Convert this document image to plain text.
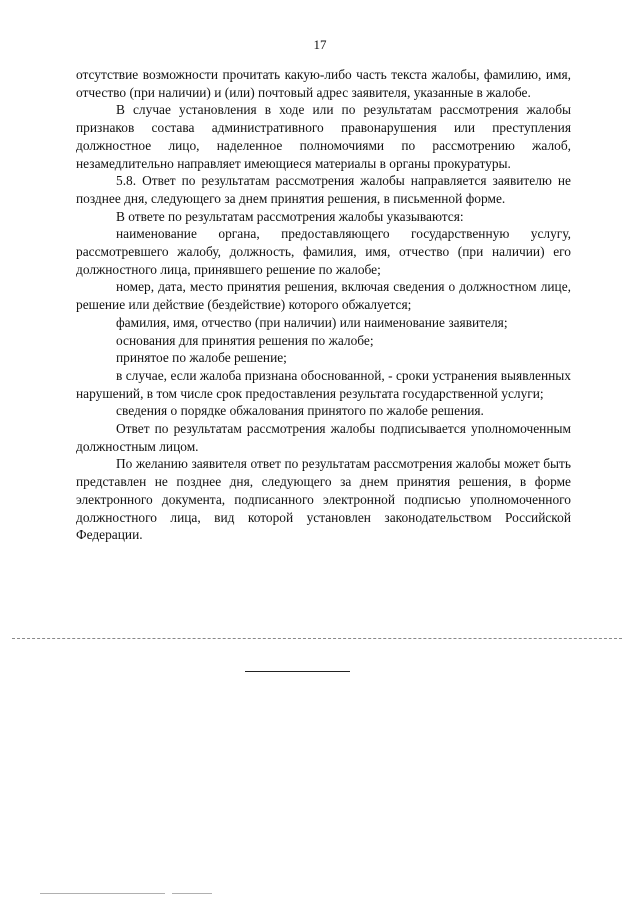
17

отсутствие возможности прочитать какую-либо часть текста жалобы, фамилию, имя, отчество (при наличии) и (или) почтовый адрес заявителя, указанные в жалобе.

В случае установления в ходе или по результатам рассмотрения жалобы признаков состава административного правонарушения или преступления должностное лицо, наделенное полномочиями по рассмотрению жалоб, незамедлительно направляет имеющиеся материалы в органы прокуратуры.

5.8. Ответ по результатам рассмотрения жалобы направляется заявителю не позднее дня, следующего за днем принятия решения, в письменной форме.

В ответе по результатам рассмотрения жалобы указываются:

наименование органа, предоставляющего государственную услугу, рассмотревшего жалобу, должность, фамилия, имя, отчество (при наличии) его должностного лица, принявшего решение по жалобе;

номер, дата, место принятия решения, включая сведения о должностном лице, решение или действие (бездействие) которого обжалуется;

фамилия, имя, отчество (при наличии) или наименование заявителя;

основания для принятия решения по жалобе;

принятое по жалобе решение;

в случае, если жалоба признана обоснованной, - сроки устранения выявленных нарушений, в том числе срок предоставления результата государственной услуги;

сведения о порядке обжалования принятого по жалобе решения.

Ответ по результатам рассмотрения жалобы подписывается уполномоченным должностным лицом.

По желанию заявителя ответ по результатам рассмотрения жалобы может быть представлен не позднее дня, следующего за днем принятия решения, в форме электронного документа, подписанного электронной подписью уполномоченного должностного лица, вид которой установлен законодательством Российской Федерации.
